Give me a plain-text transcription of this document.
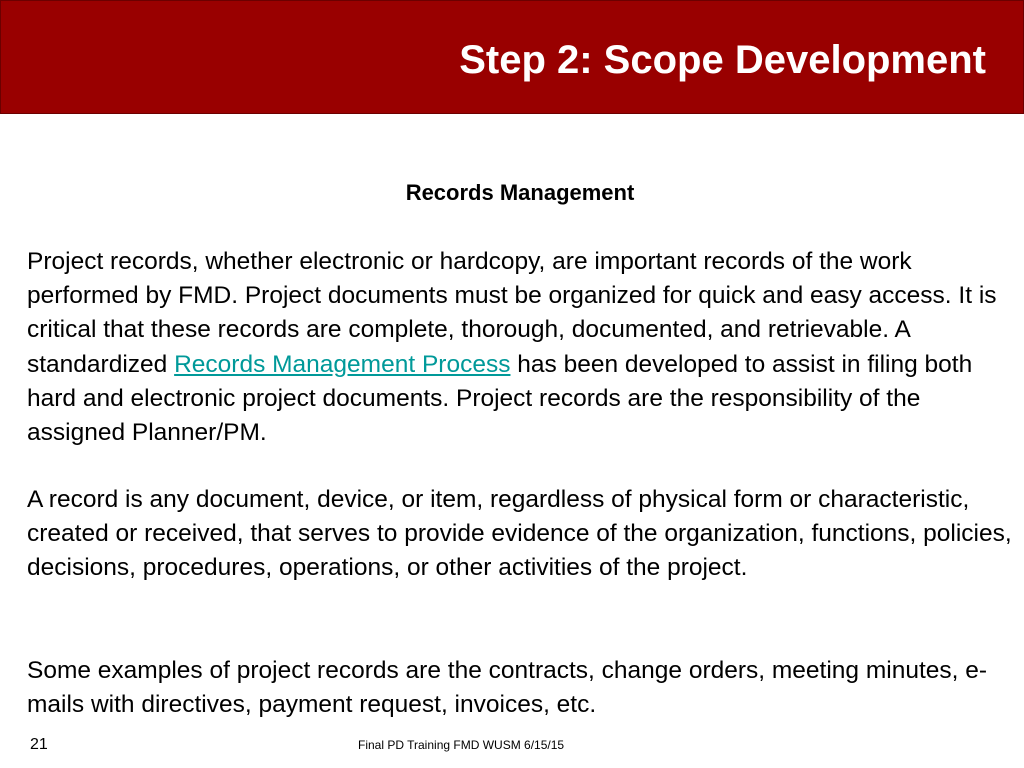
Step 2: Scope Development
Records Management

Project records, whether electronic or hardcopy, are important records of the work performed by FMD. Project documents must be organized for quick and easy access. It is critical that these records are complete, thorough, documented, and retrievable. A standardized Records Management Process has been developed to assist in filing both hard and electronic project documents. Project records are the responsibility of the assigned Planner/PM.

A record is any document, device, or item, regardless of physical form or characteristic, created or received, that serves to provide evidence of the organization, functions, policies, decisions, procedures, operations, or other activities of the project.

Some examples of project records are the contracts, change orders, meeting minutes, e-mails with directives, payment request, invoices, etc.

21	Final PD Training FMD WUSM 6/15/15
